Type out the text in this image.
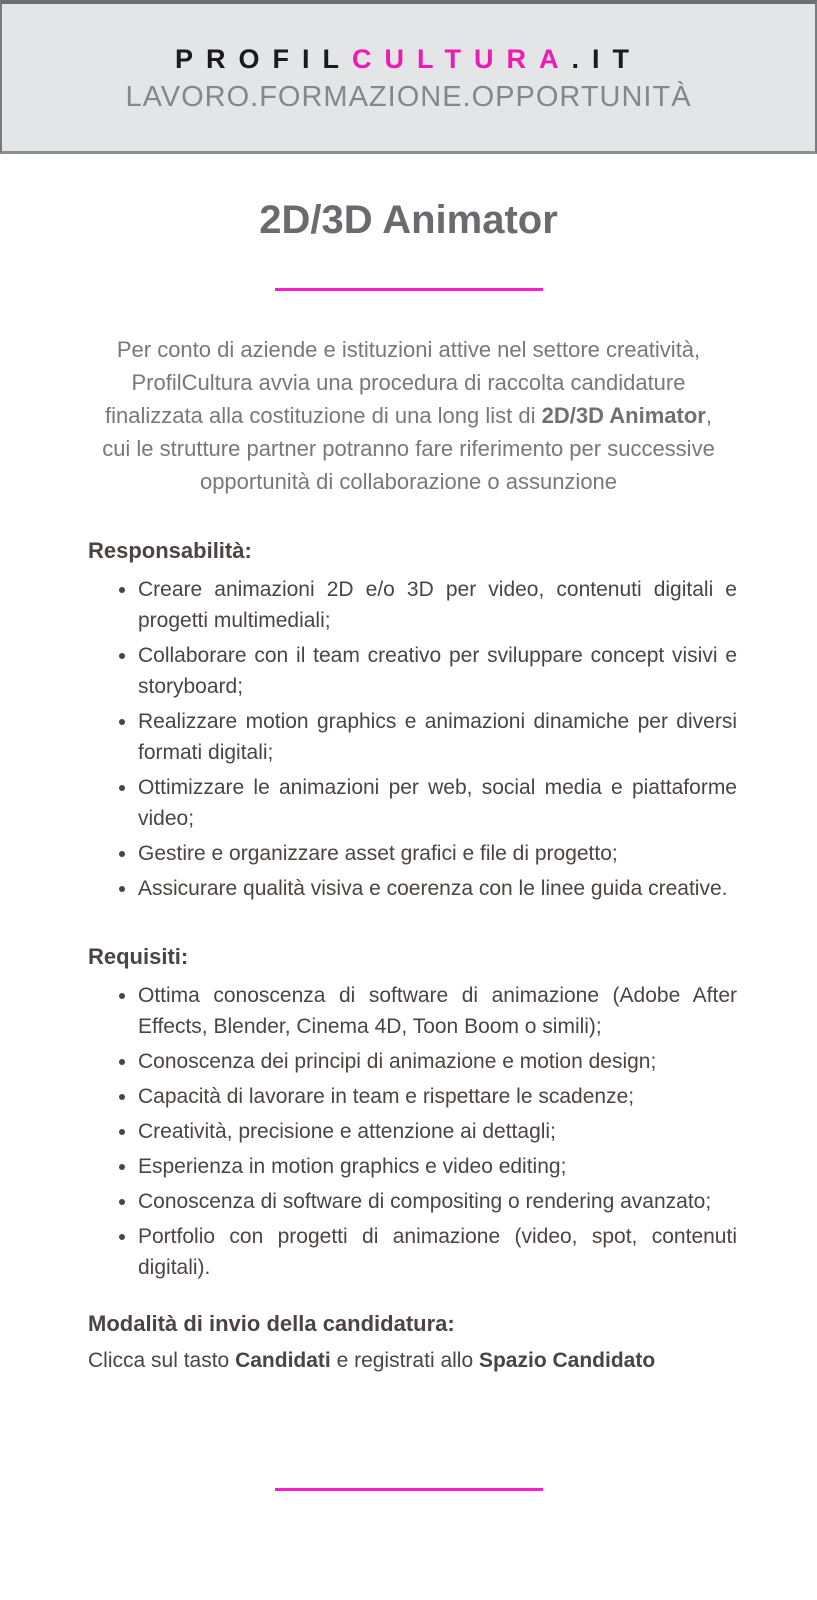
PROFILCULTURA.IT
LAVORO.FORMAZIONE.OPPORTUNITÀ
2D/3D Animator

Per conto di aziende e istituzioni attive nel settore creatività, ProfilCultura avvia una procedura di raccolta candidature finalizzata alla costituzione di una long list di 2D/3D Animator, cui le strutture partner potranno fare riferimento per successive opportunità di collaborazione o assunzione

Responsabilità:
• Creare animazioni 2D e/o 3D per video, contenuti digitali e progetti multimediali;
• Collaborare con il team creativo per sviluppare concept visivi e storyboard;
• Realizzare motion graphics e animazioni dinamiche per diversi formati digitali;
• Ottimizzare le animazioni per web, social media e piattaforme video;
• Gestire e organizzare asset grafici e file di progetto;
• Assicurare qualità visiva e coerenza con le linee guida creative.
Requisiti:
• Ottima conoscenza di software di animazione (Adobe After Effects, Blender, Cinema 4D, Toon Boom o simili);
• Conoscenza dei principi di animazione e motion design;
• Capacità di lavorare in team e rispettare le scadenze;
• Creatività, precisione e attenzione ai dettagli;
• Esperienza in motion graphics e video editing;
• Conoscenza di software di compositing o rendering avanzato;
• Portfolio con progetti di animazione (video, spot, contenuti digitali).
Modalità di invio della candidatura:

Clicca sul tasto Candidati e registrati allo Spazio Candidato
